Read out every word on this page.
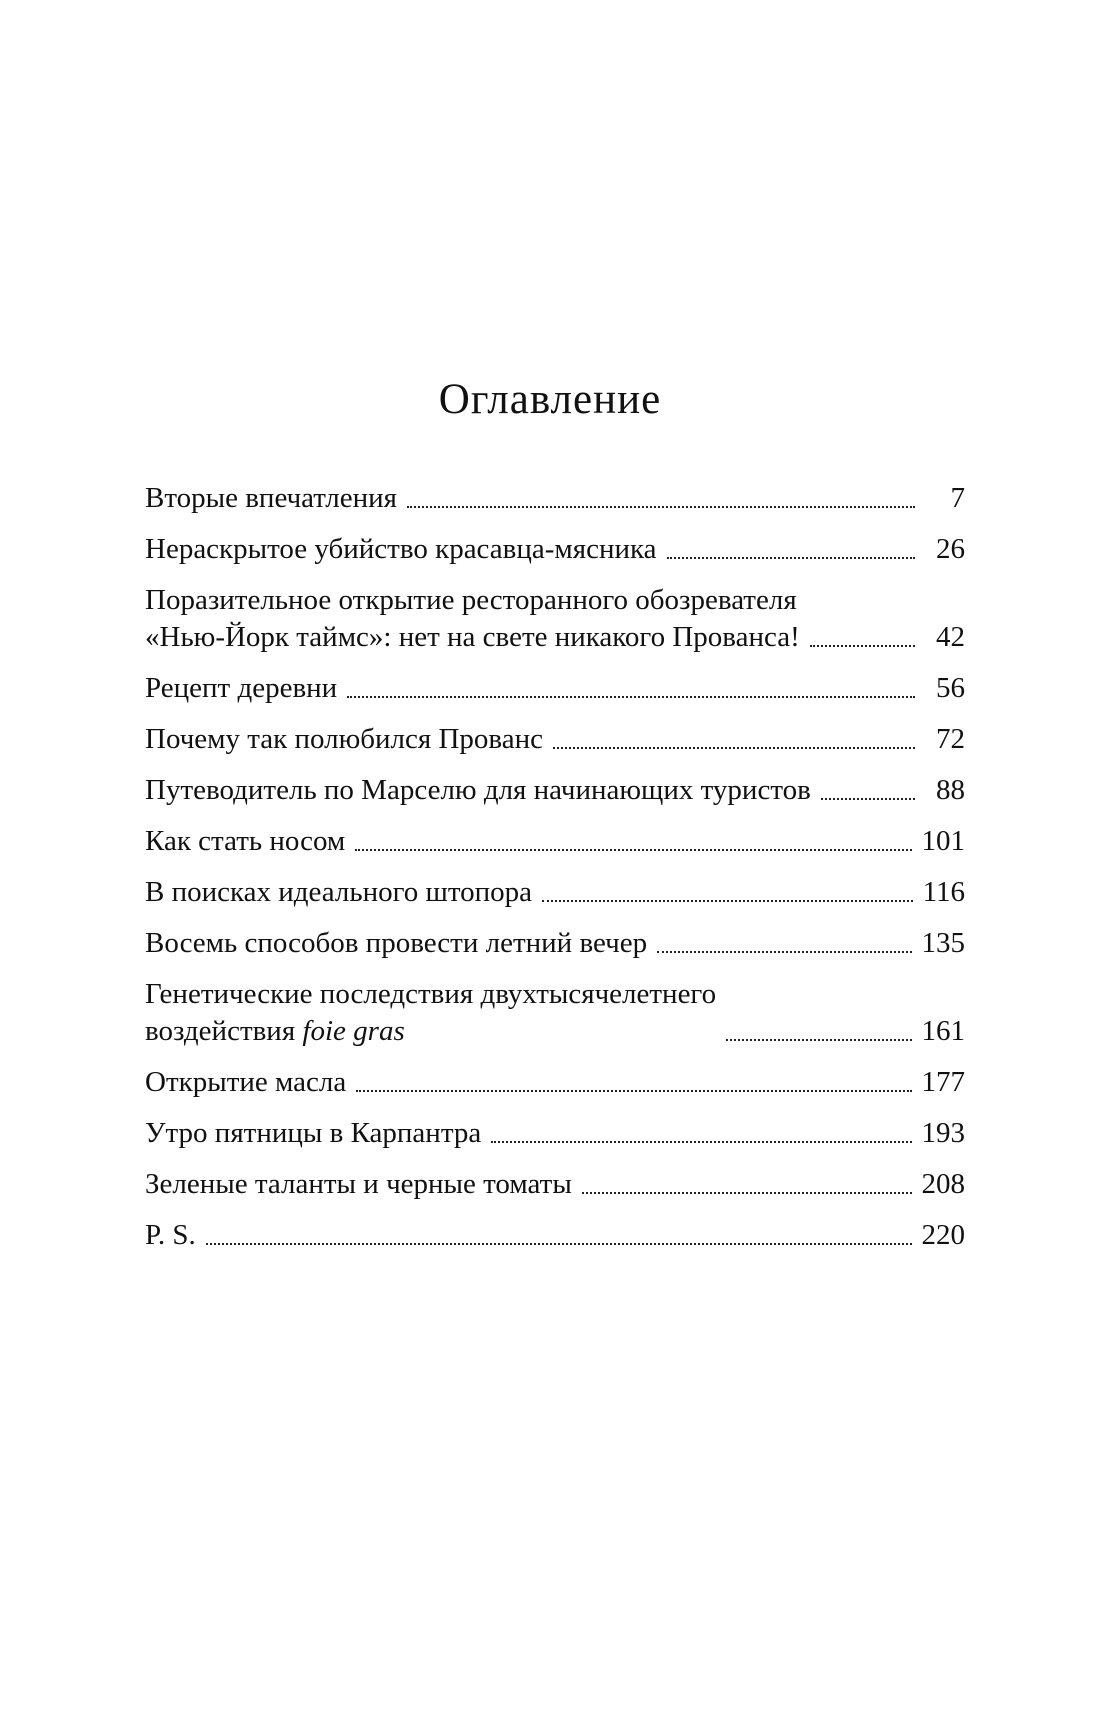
Оглавление
Вторые впечатления	7
Нераскрытое убийство красавца-мясника	26
Поразительное открытие ресторанного обозревателя
«Нью-Йорк таймс»: нет на свете никакого Прованса!	42
Рецепт деревни	56
Почему так полюбился Прованс	72
Путеводитель по Марселю для начинающих туристов	88
Как стать носом	101
В поисках идеального штопора	116
Восемь способов провести летний вечер	135
Генетические последствия двухтысячелетнего
воздействия foie gras	161
Открытие масла	177
Утро пятницы в Карпантра	193
Зеленые таланты и черные томаты	208
P. S.	220
